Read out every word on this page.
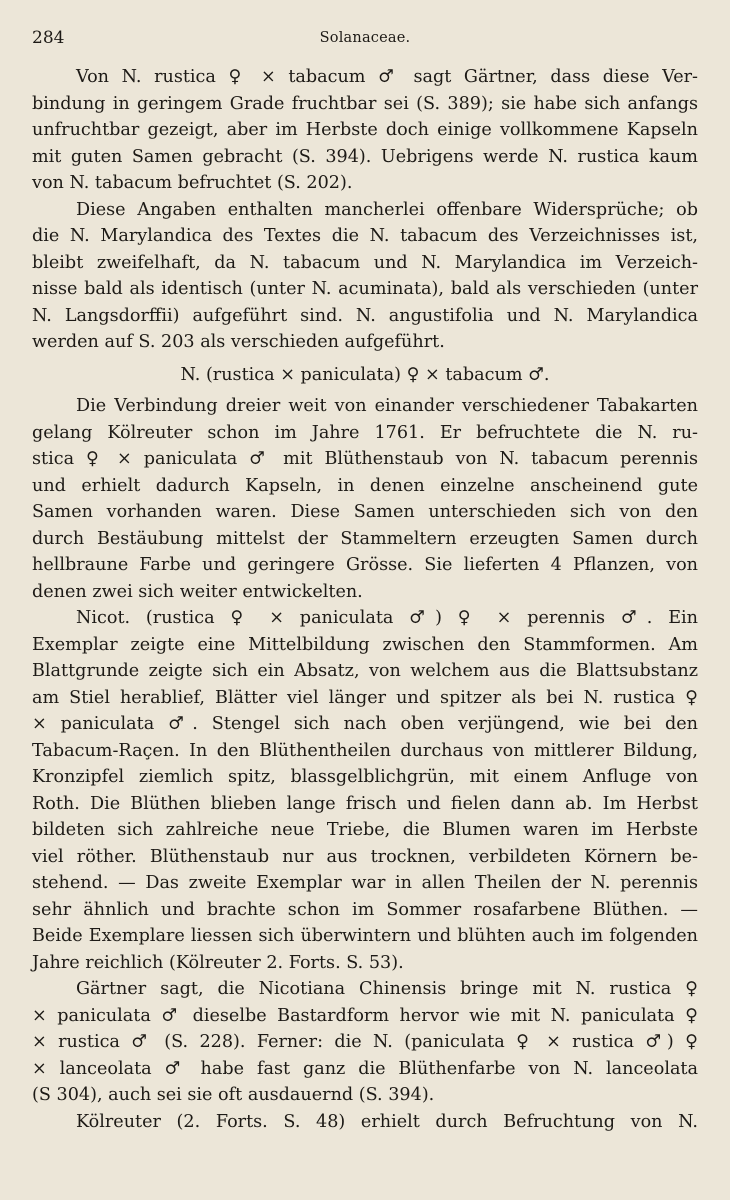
284	Solanaceae.
Von N. rustica ♀ × tabacum ♂ sagt Gärtner, dass diese Ver-
bindung in geringem Grade fruchtbar sei (S. 389); sie habe sich anfangs
unfruchtbar gezeigt, aber im Herbste doch einige vollkommene Kapseln
mit guten Samen gebracht (S. 394). Uebrigens werde N. rustica kaum
von N. tabacum befruchtet (S. 202).
Diese Angaben enthalten mancherlei offenbare Widersprüche; ob
die N. Marylandica des Textes die N. tabacum des Verzeichnisses ist,
bleibt zweifelhaft, da N. tabacum und N. Marylandica im Verzeich-
nisse bald als identisch (unter N. acuminata), bald als verschieden (unter
N. Langsdorffii) aufgeführt sind. N. angustifolia und N. Marylandica
werden auf S. 203 als verschieden aufgeführt.
N. (rustica × paniculata) ♀ × tabacum ♂.
Die Verbindung dreier weit von einander verschiedener Tabakarten
gelang Kölreuter schon im Jahre 1761. Er befruchtete die N. ru-
stica ♀ × paniculata ♂ mit Blüthenstaub von N. tabacum perennis
und erhielt dadurch Kapseln, in denen einzelne anscheinend gute
Samen vorhanden waren. Diese Samen unterschieden sich von den
durch Bestäubung mittelst der Stammeltern erzeugten Samen durch
hellbraune Farbe und geringere Grösse. Sie lieferten 4 Pflanzen, von
denen zwei sich weiter entwickelten.
Nicot. (rustica ♀ × paniculata ♂) ♀ × perennis ♂. Ein
Exemplar zeigte eine Mittelbildung zwischen den Stammformen. Am
Blattgrunde zeigte sich ein Absatz, von welchem aus die Blattsubstanz
am Stiel herablief, Blätter viel länger und spitzer als bei N. rustica ♀
× paniculata ♂. Stengel sich nach oben verjüngend, wie bei den
Tabacum-Raçen. In den Blüthentheilen durchaus von mittlerer Bildung,
Kronzipfel ziemlich spitz, blassgelblichgrün, mit einem Anfluge von
Roth. Die Blüthen blieben lange frisch und fielen dann ab. Im Herbst
bildeten sich zahlreiche neue Triebe, die Blumen waren im Herbste
viel röther. Blüthenstaub nur aus trocknen, verbildeten Körnern be-
stehend. — Das zweite Exemplar war in allen Theilen der N. perennis
sehr ähnlich und brachte schon im Sommer rosafarbene Blüthen. —
Beide Exemplare liessen sich überwintern und blühten auch im folgenden
Jahre reichlich (Kölreuter 2. Forts. S. 53).
Gärtner sagt, die Nicotiana Chinensis bringe mit N. rustica ♀
× paniculata ♂ dieselbe Bastardform hervor wie mit N. paniculata ♀
× rustica ♂ (S. 228). Ferner: die N. (paniculata ♀ × rustica ♂) ♀
× lanceolata ♂ habe fast ganz die Blüthenfarbe von N. lanceolata
(S 304), auch sei sie oft ausdauernd (S. 394).
Kölreuter (2. Forts. S. 48) erhielt durch Befruchtung von N.
